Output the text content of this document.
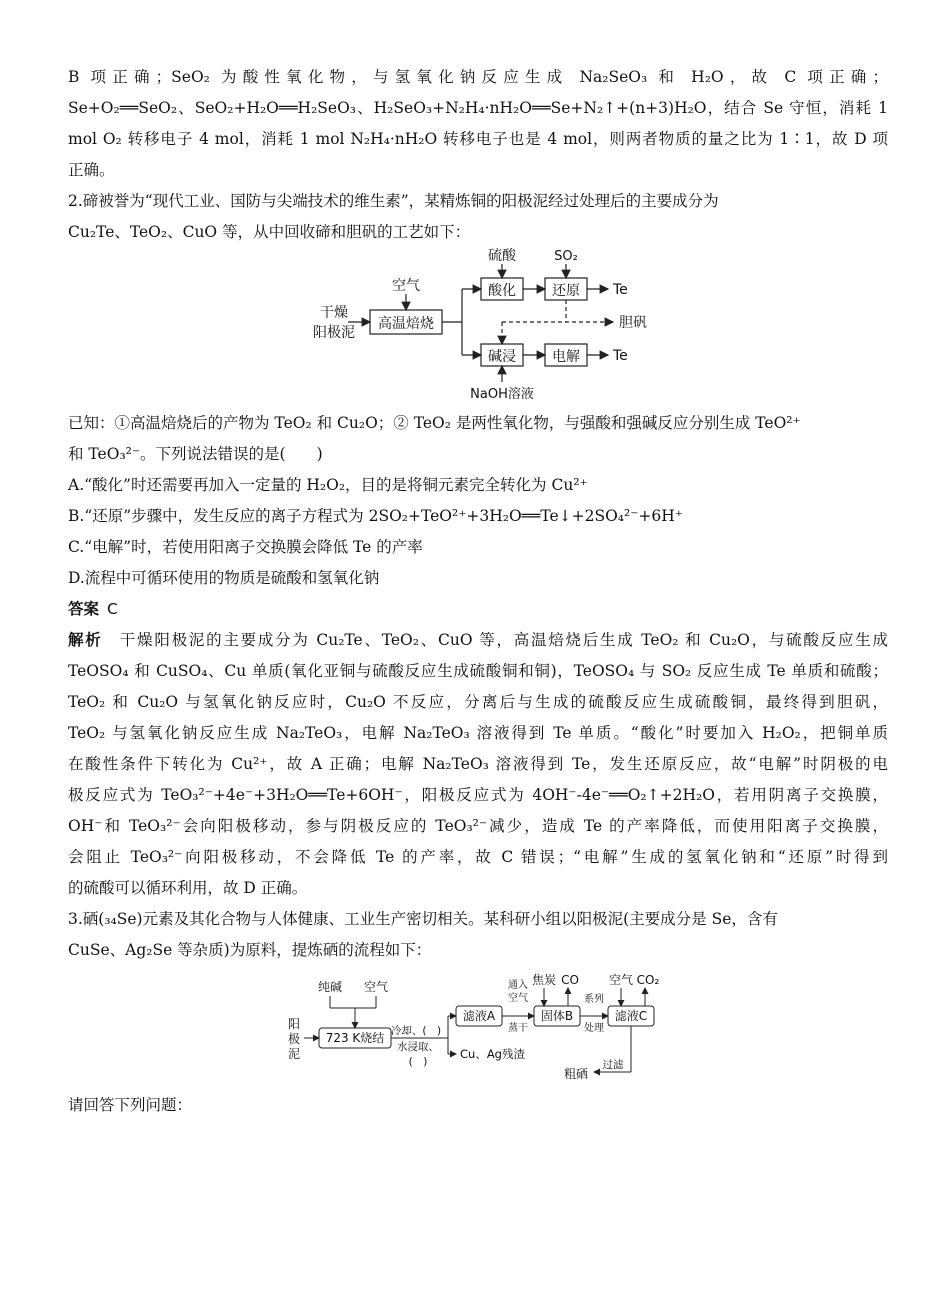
B 项正确；SeO₂ 为酸性氧化物，与氢氧化钠反应生成 Na₂SeO₃ 和 H₂O，故 C 项正确；
Se+O₂══SeO₂、SeO₂+H₂O══H₂SeO₃、H₂SeO₃+N₂H₄·nH₂O══Se+N₂↑+(n+3)H₂O，结合 Se 守恒，消耗 1
mol O₂ 转移电子 4 mol，消耗 1 mol N₂H₄·nH₂O 转移电子也是 4 mol，则两者物质的量之比为 1∶1，故 D 项
正确。
2.碲被誉为“现代工业、国防与尖端技术的维生素”，某精炼铜的阳极泥经过处理后的主要成分为
Cu₂Te、TeO₂、CuO 等，从中回收碲和胆矾的工艺如下：
干燥
阳极泥
空气
高温焙烧
硫酸
酸化
SO₂
还原 Te
胆矾
碱浸	电解 Te
NaOH溶液
已知：①高温焙烧后的产物为 TeO₂ 和 Cu₂O；② TeO₂ 是两性氧化物，与强酸和强碱反应分别生成 TeO²⁺
和 TeO₃²⁻。下列说法错误的是(　　)
A.“酸化”时还需要再加入一定量的 H₂O₂，目的是将铜元素完全转化为 Cu²⁺
B.“还原”步骤中，发生反应的离子方程式为 2SO₂+TeO²⁺+3H₂O══Te↓+2SO₄²⁻+6H⁺
C.“电解”时，若使用阳离子交换膜会降低 Te 的产率
D.流程中可循环使用的物质是硫酸和氢氧化钠
答案 C
解析　 干燥阳极泥的主要成分为 Cu₂Te、TeO₂、CuO 等，高温焙烧后生成 TeO₂ 和 Cu₂O，与硫酸反应生成
TeOSO₄ 和 CuSO₄、Cu 单质(氧化亚铜与硫酸反应生成硫酸铜和铜)，TeOSO₄ 与 SO₂ 反应生成 Te 单质和硫酸；
TeO₂ 和 Cu₂O 与氢氧化钠反应时，Cu₂O 不反应，分离后与生成的硫酸反应生成硫酸铜，最终得到胆矾，
TeO₂ 与氢氧化钠反应生成 Na₂TeO₃，电解 Na₂TeO₃ 溶液得到 Te 单质。“酸化”时要加入 H₂O₂，把铜单质
在酸性条件下转化为 Cu²⁺，故 A 正确；电解 Na₂TeO₃ 溶液得到 Te，发生还原反应，故“电解”时阴极的电
极反应式为 TeO₃²⁻+4e⁻+3H₂O══Te+6OH⁻，阳极反应式为 4OH⁻-4e⁻══O₂↑+2H₂O，若用阴离子交换膜，
OH⁻和 TeO₃²⁻会向阳极移动，参与阴极反应的 TeO₃²⁻减少，造成 Te 的产率降低，而使用阳离子交换膜，
会阻止 TeO₃²⁻向阳极移动，不会降低 Te 的产率，故 C 错误；“电解”生成的氢氧化钠和“还原”时得到
的硫酸可以循环利用，故 D 正确。
3.硒(₃₄Se)元素及其化合物与人体健康、工业生产密切相关。某科研小组以阳极泥(主要成分是 Se，含有
CuSe、Ag₂Se 等杂质)为原料，提炼硒的流程如下：
阳
极
泥
纯碱 空气
723 K烧结 冷却、(　)
水浸取、
(　)
Cu、Ag残渣
滤液A
通入
空气
蒸干
焦炭 CO
固体B
系列
处理
空气 CO₂
滤液C
过滤
粗硒
请回答下列问题：
